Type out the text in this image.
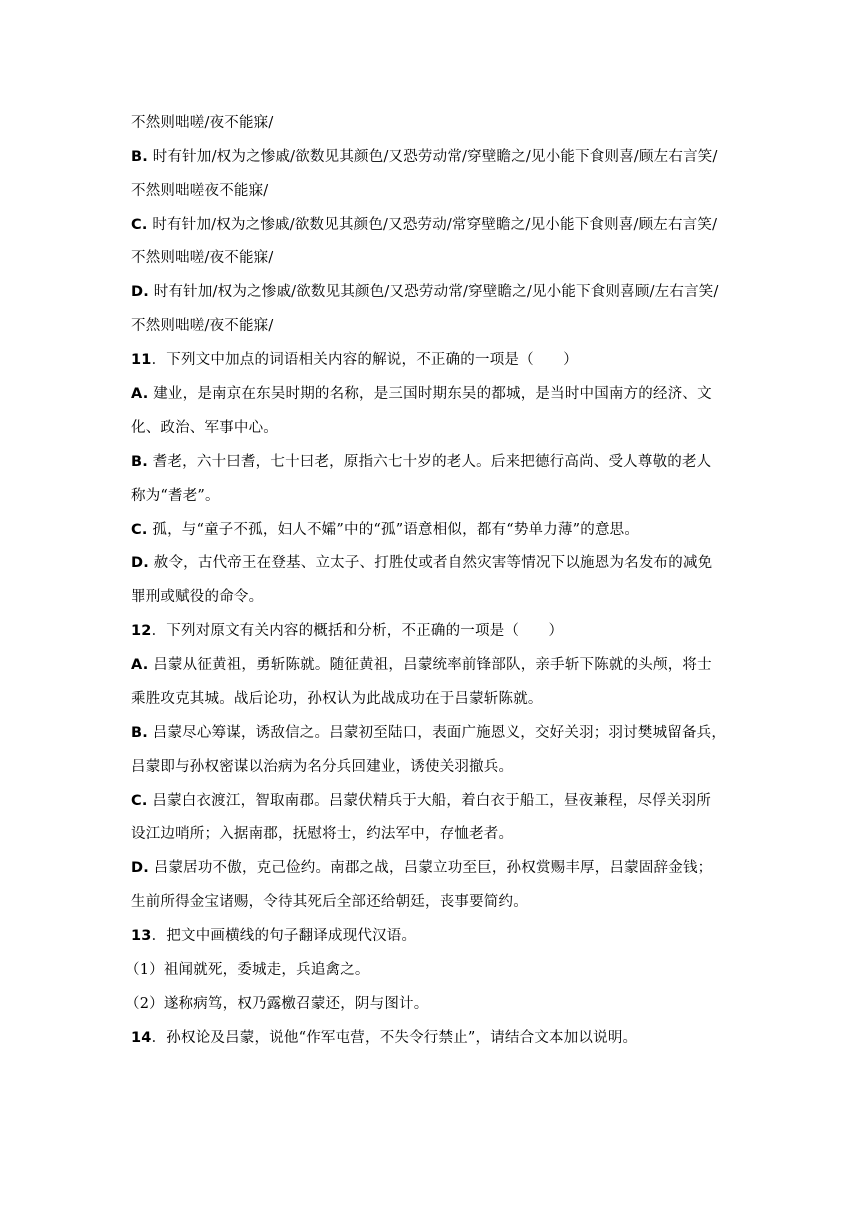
不然则咄嗟/夜不能寐/
B. 时有针加/权为之惨戚/欲数见其颜色/又恐劳动常/穿壁瞻之/见小能下食则喜/顾左右言笑/
不然则咄嗟夜不能寐/
C. 时有针加/权为之惨戚/欲数见其颜色/又恐劳动/常穿壁瞻之/见小能下食则喜/顾左右言笑/
不然则咄嗟/夜不能寐/
D. 时有针加/权为之惨戚/欲数见其颜色/又恐劳动常/穿壁瞻之/见小能下食则喜顾/左右言笑/
不然则咄嗟/夜不能寐/
11．下列文中加点的词语相关内容的解说，不正确的一项是（　　）
A. 建业，是南京在东吴时期的名称，是三国时期东吴的都城，是当时中国南方的经济、文
化、政治、军事中心。
B. 耆老，六十曰耆，七十曰老，原指六七十岁的老人。后来把德行高尚、受人尊敬的老人
称为“耆老”。
C. 孤，与“童子不孤，妇人不孀”中的“孤”语意相似，都有“势单力薄”的意思。
D. 赦令，古代帝王在登基、立太子、打胜仗或者自然灾害等情况下以施恩为名发布的减免
罪刑或赋役的命令。
12．下列对原文有关内容的概括和分析，不正确的一项是（　　）
A. 吕蒙从征黄祖，勇斩陈就。随征黄祖，吕蒙统率前锋部队，亲手斩下陈就的头颅，将士
乘胜攻克其城。战后论功，孙权认为此战成功在于吕蒙斩陈就。
B. 吕蒙尽心筹谋，诱敌信之。吕蒙初至陆口，表面广施恩义，交好关羽；羽讨樊城留备兵，
吕蒙即与孙权密谋以治病为名分兵回建业，诱使关羽撤兵。
C. 吕蒙白衣渡江，智取南郡。吕蒙伏精兵于大船，着白衣于船工，昼夜兼程，尽俘关羽所
设江边哨所；入据南郡，抚慰将士，约法军中，存恤老者。
D. 吕蒙居功不傲，克己俭约。南郡之战，吕蒙立功至巨，孙权赏赐丰厚，吕蒙固辞金钱；
生前所得金宝诸赐，令待其死后全部还给朝廷，丧事要简约。
13．把文中画横线的句子翻译成现代汉语。
（1）祖闻就死，委城走，兵追禽之。
（2）遂称病笃，权乃露檄召蒙还，阴与图计。
14．孙权论及吕蒙，说他“作军屯营，不失令行禁止”，请结合文本加以说明。
